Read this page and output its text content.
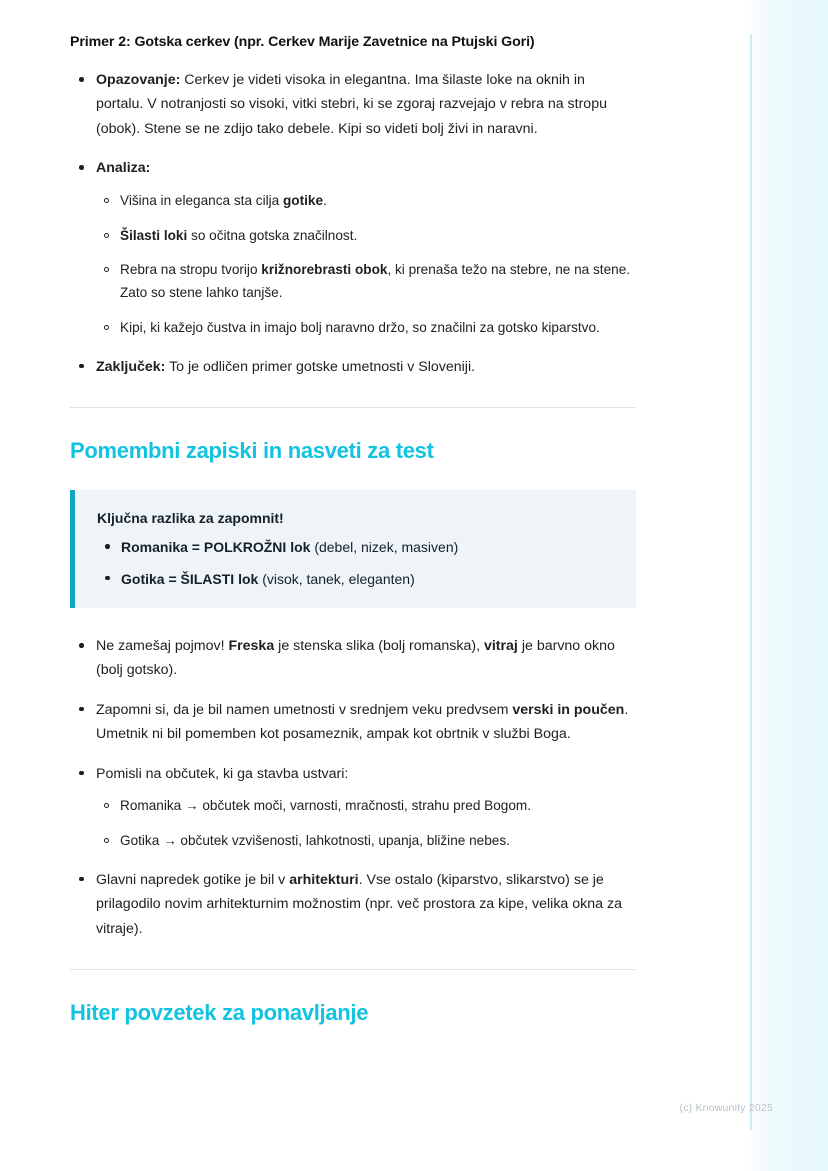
Primer 2: Gotska cerkev (npr. Cerkev Marije Zavetnice na Ptujski Gori)
Opazovanje: Cerkev je videti visoka in elegantna. Ima šilaste loke na oknih in portalu. V notranjosti so visoki, vitki stebri, ki se zgoraj razvejajo v rebra na stropu (obok). Stene se ne zdijo tako debele. Kipi so videti bolj živi in naravni.
Analiza:
Višina in eleganca sta cilja gotike.
Šilasti loki so očitna gotska značilnost.
Rebra na stropu tvorijo križnorebrasti obok, ki prenaša težo na stebre, ne na stene. Zato so stene lahko tanjše.
Kipi, ki kažejo čustva in imajo bolj naravno držo, so značilni za gotsko kiparstvo.
Zaključek: To je odličen primer gotske umetnosti v Sloveniji.
Pomembni zapiski in nasveti za test
Ključna razlika za zapomnit!
Romanika = POLKROŽNI lok (debel, nizek, masiven)
Gotika = ŠILASTI lok (visok, tanek, eleganten)
Ne zamešaj pojmov! Freska je stenska slika (bolj romanska), vitraj je barvno okno (bolj gotsko).
Zapomni si, da je bil namen umetnosti v srednjem veku predvsem verski in poučen. Umetnik ni bil pomemben kot posameznik, ampak kot obrtnik v službi Boga.
Pomisli na občutek, ki ga stavba ustvari:
Romanika → občutek moči, varnosti, mračnosti, strahu pred Bogom.
Gotika → občutek vzvišenosti, lahkotnosti, upanja, bližine nebes.
Glavni napredek gotike je bil v arhitekturi. Vse ostalo (kiparstvo, slikarstvo) se je prilagodilo novim arhitekturnim možnostim (npr. več prostora za kipe, velika okna za vitraje).
Hiter povzetek za ponavljanje
(c) Knowunity 2025
